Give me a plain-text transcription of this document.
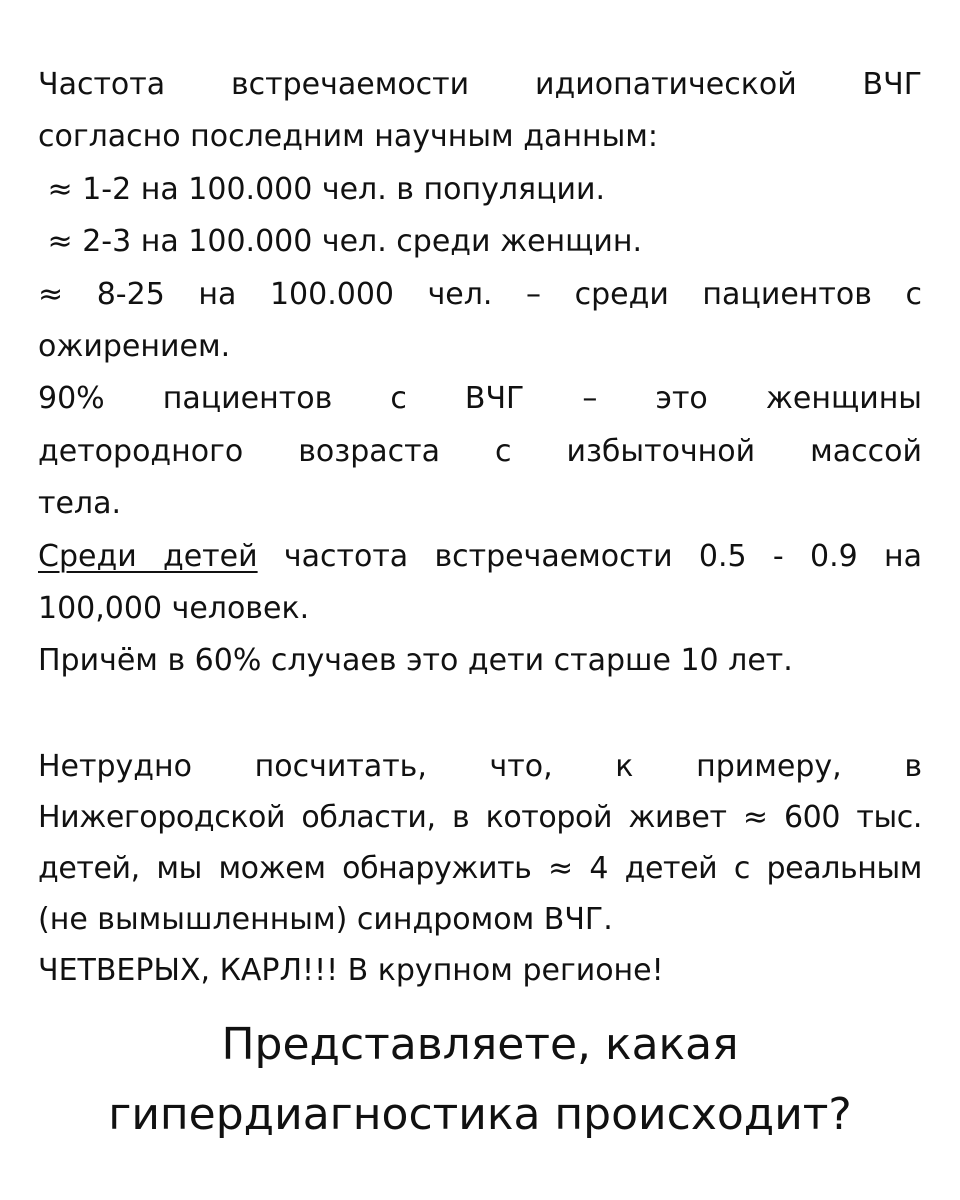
Частота встречаемости идиопатической ВЧГ
согласно последним научным данным:
≈ 1-2 на 100.000 чел. в популяции.
≈ 2-3 на 100.000 чел. среди женщин.
≈ 8-25 на 100.000 чел. – среди пациентов с
ожирением.
90% пациентов с ВЧГ – это женщины
детородного возраста с избыточной массой
тела.
Среди детей частота встречаемости 0.5 - 0.9 на
100,000 человек.
Причём в 60% случаев это дети старше 10 лет.
Нетрудно посчитать, что, к примеру, в
Нижегородской области, в которой живет ≈ 600 тыс.
детей, мы можем обнаружить ≈ 4 детей с реальным
(не вымышленным) синдромом ВЧГ.
ЧЕТВЕРЫХ, КАРЛ!!! В крупном регионе!
Представляете, какая
гипердиагностика происходит?
